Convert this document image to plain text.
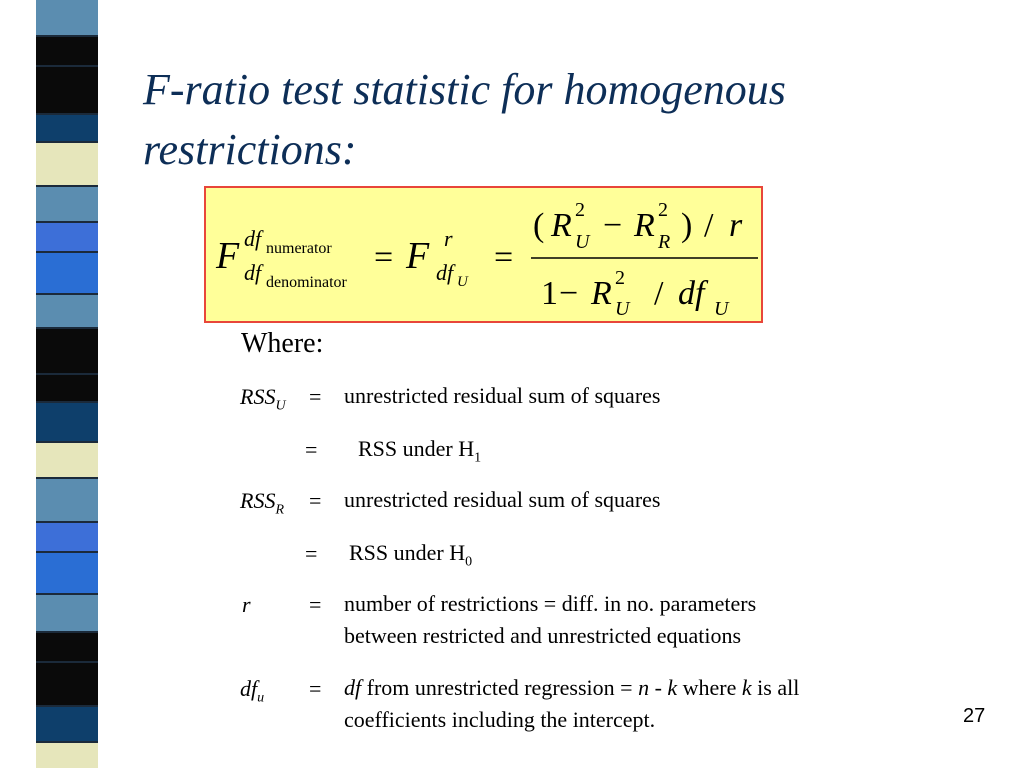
F-ratio test statistic for homogenous restrictions:
F df numerator
df denominator
= F r
df U
=
( R 2
U − R 2
R ) / r
1 − R 2
U / df U

Where:

$RSS_U$ = unrestricted residual sum of squares
= RSS under $H_1$
$RSS_R$ = unrestricted residual sum of squares
= RSS under $H_0$
r	= number of restrictions = diff. in no. parameters
between restricted and unrestricted equations
$df_u$ = df from unrestricted regression = n - k where k is all
coefficients including the intercept.	27
